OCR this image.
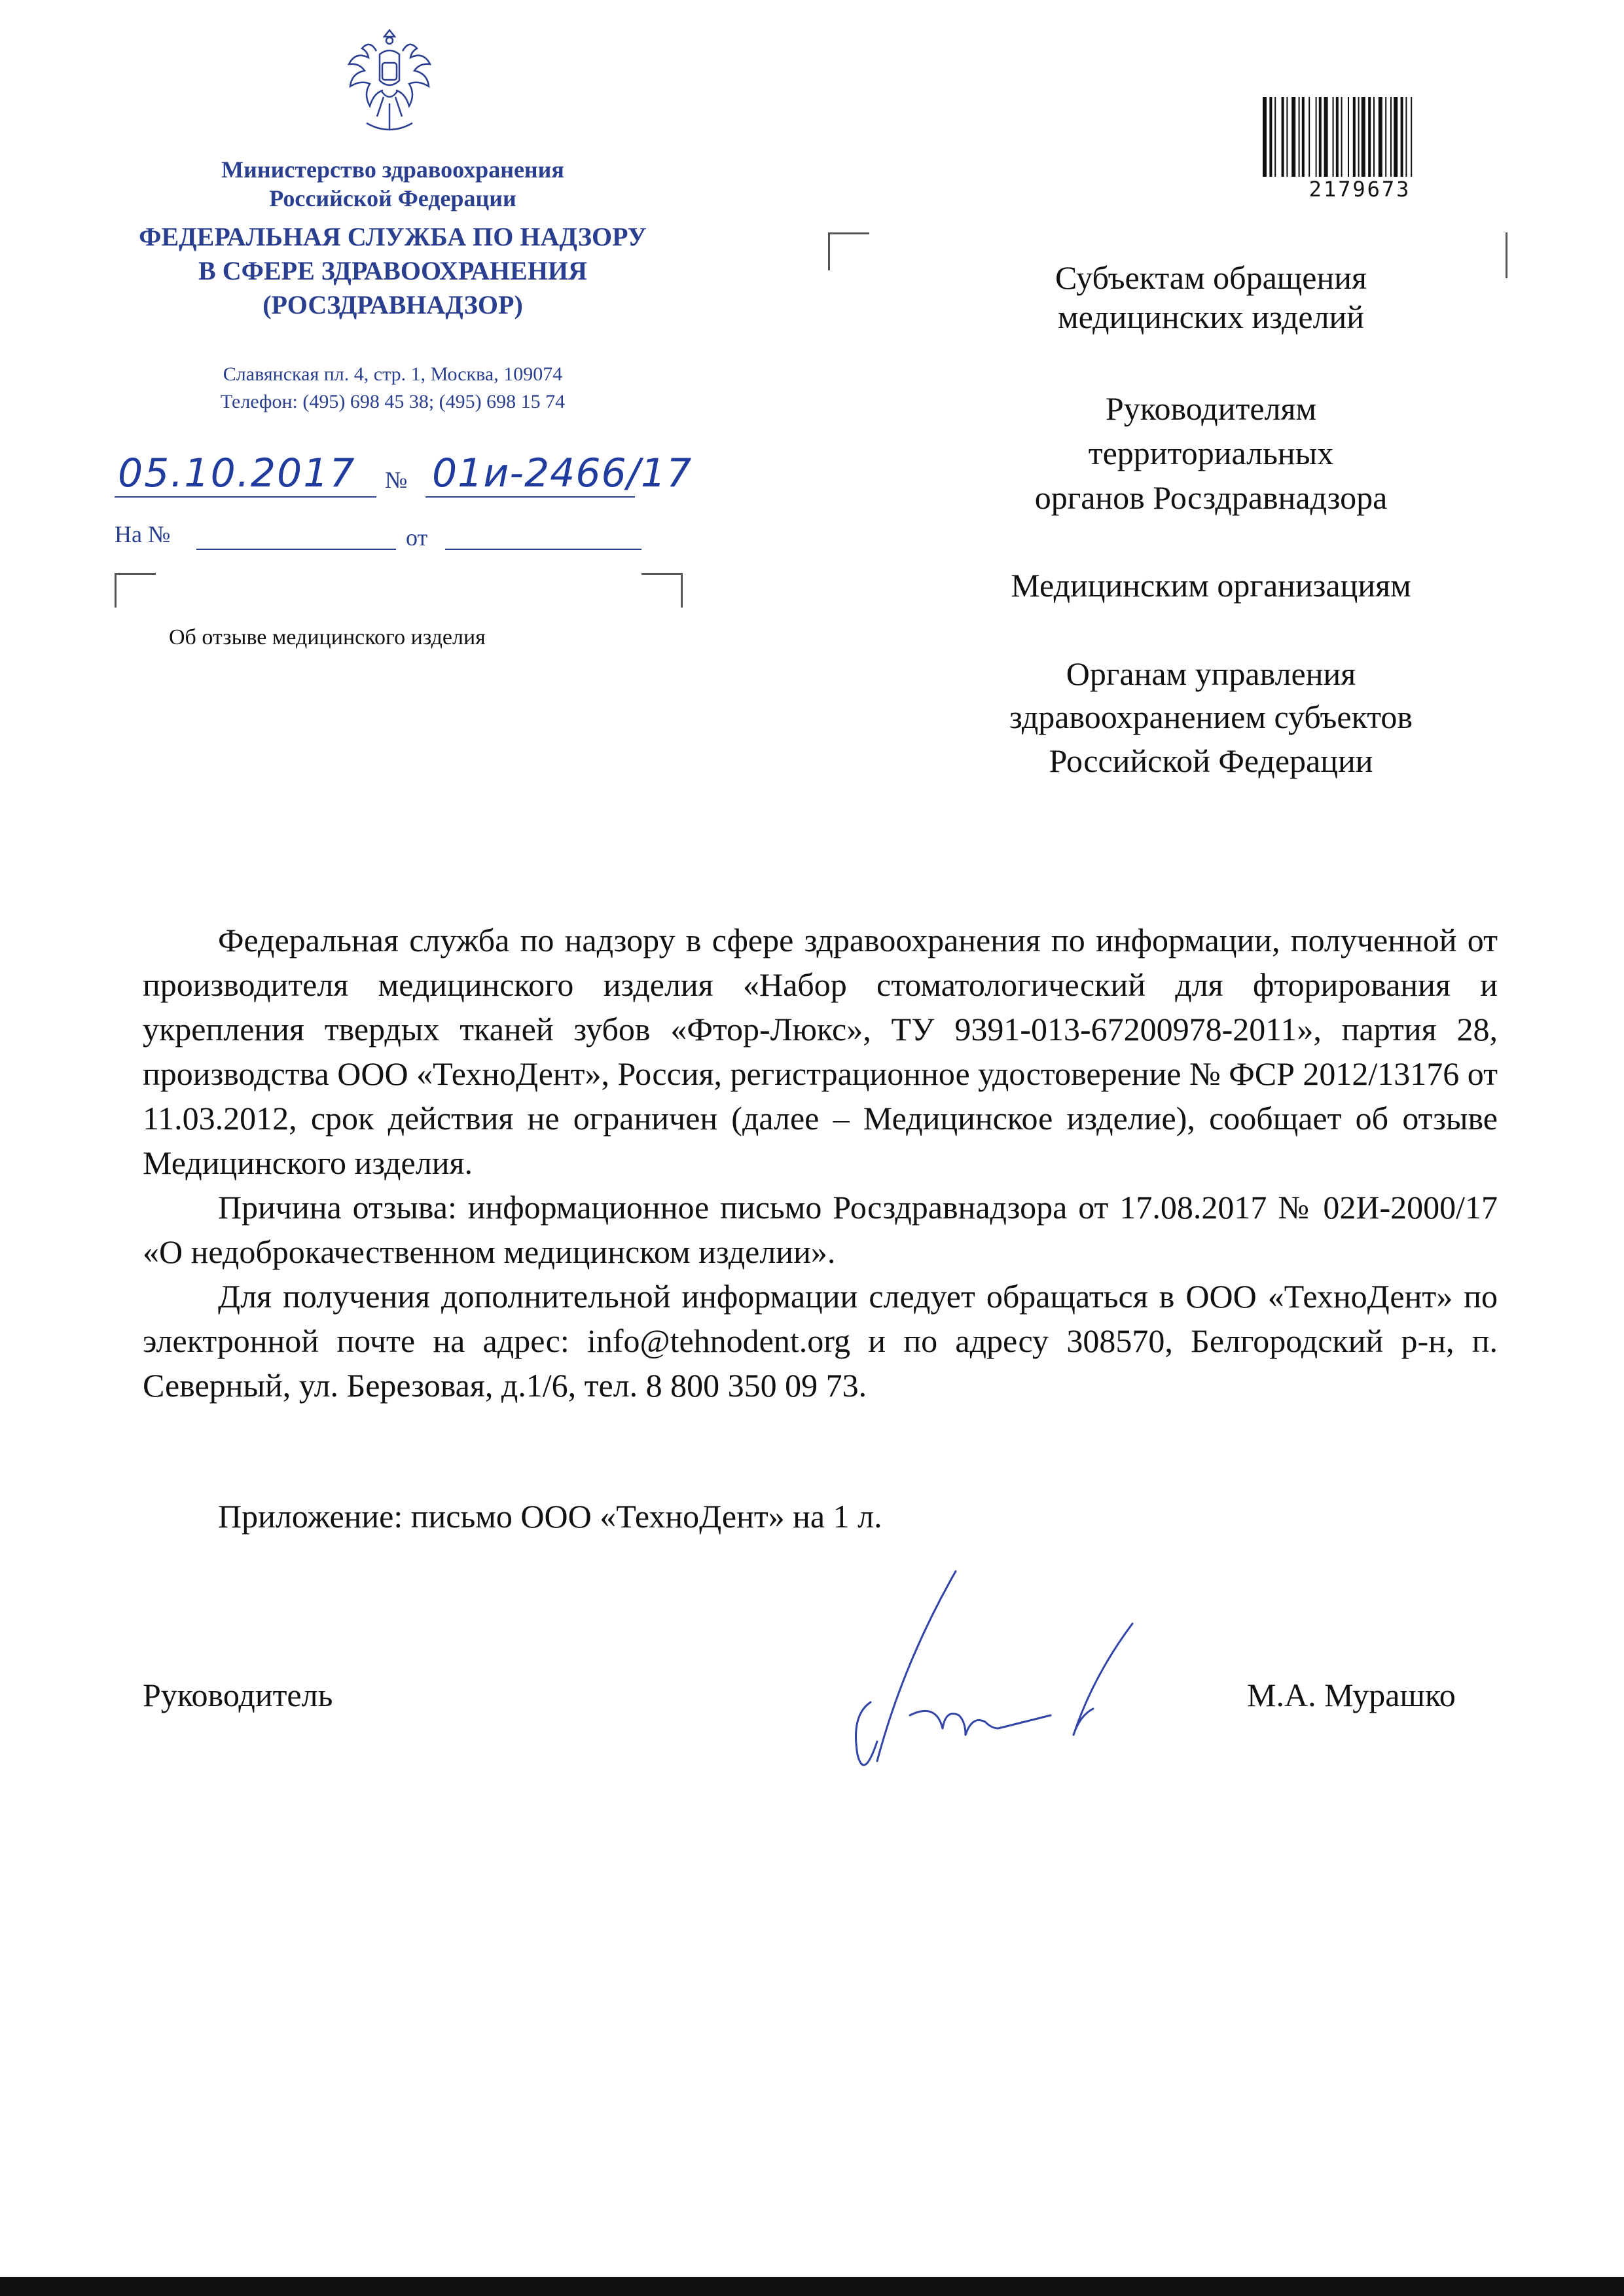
Министерство здравоохранения
Российской Федерации
ФЕДЕРАЛЬНАЯ СЛУЖБА ПО НАДЗОРУ
В СФЕРЕ ЗДРАВООХРАНЕНИЯ
(РОСЗДРАВНАДЗОР)
Славянская пл. 4, стр. 1, Москва, 109074
Телефон: (495) 698 45 38; (495) 698 15 74
05.10.2017 № 01и-2466/17
На №	от
Об отзыве медицинского изделия
2179673
Субъектам обращения
медицинских изделий
Руководителям
территориальных
органов Росздравнадзора
Медицинским организациям
Органам управления
здравоохранением субъектов
Российской Федерации

Федеральная служба по надзору в сфере здравоохранения по информации, полученной от производителя медицинского изделия «Набор стоматологический для фторирования и укрепления твердых тканей зубов «Фтор-Люкс», ТУ 9391-013-67200978-2011», партия 28, производства ООО «ТехноДент», Россия, регистрационное удостоверение № ФСР 2012/13176 от 11.03.2012, срок действия не ограничен (далее – Медицинское изделие), сообщает об отзыве Медицинского изделия.

Причина отзыва: информационное письмо Росздравнадзора от 17.08.2017 № 02И-2000/17 «О недоброкачественном медицинском изделии».

Для получения дополнительной информации следует обращаться в ООО «ТехноДент» по электронной почте на адрес: info@tehnodent.org и по адресу 308570, Белгородский р-н, п. Северный, ул. Березовая, д.1/6, тел. 8 800 350 09 73.

Приложение: письмо ООО «ТехноДент» на 1 л.
Руководитель	М.А. Мурашко
